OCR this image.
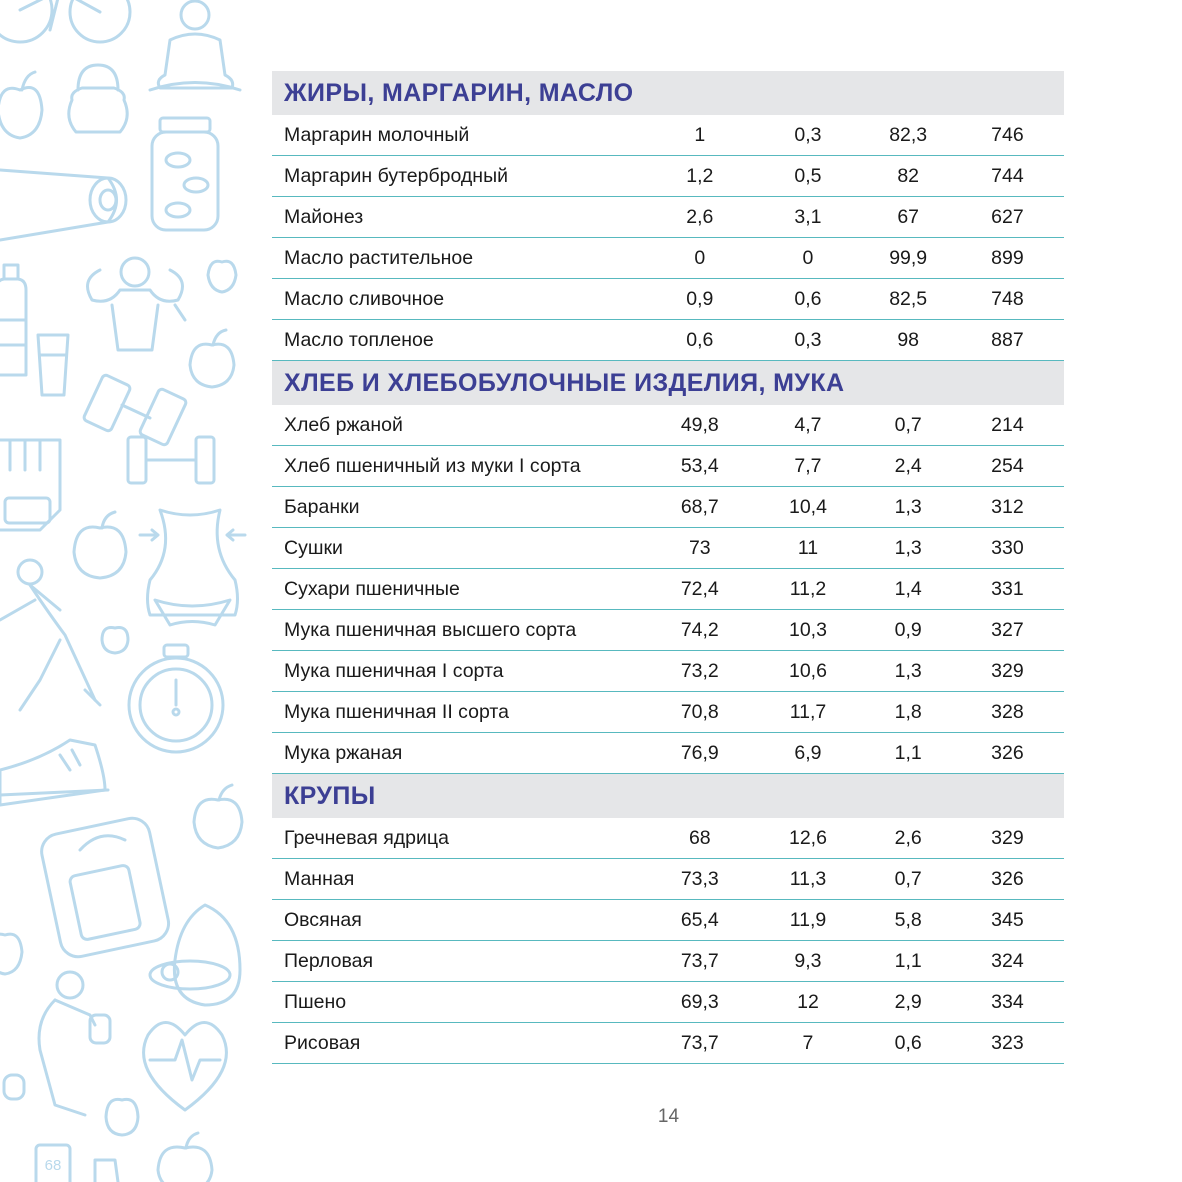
68
ЖИРЫ, МАРГАРИН, МАСЛО
Маргарин молочный	1	0,3	82,3	746
Маргарин бутербродный	1,2	0,5	82	744
Майонез	2,6	3,1	67	627
Масло растительное	0	0	99,9	899
Масло сливочное	0,9	0,6	82,5	748
Масло топленое	0,6	0,3	98	887
ХЛЕБ И ХЛЕБОБУЛОЧНЫЕ ИЗДЕЛИЯ, МУКА
Хлеб ржаной	49,8	4,7	0,7	214
Хлеб пшеничный из муки I сорта	53,4	7,7	2,4	254
Баранки	68,7	10,4	1,3	312
Сушки	73	11	1,3	330
Сухари пшеничные	72,4	11,2	1,4	331
Мука пшеничная высшего сорта	74,2	10,3	0,9	327
Мука пшеничная I сорта	73,2	10,6	1,3	329
Мука пшеничная II сорта	70,8	11,7	1,8	328
Мука ржаная	76,9	6,9	1,1	326
КРУПЫ
Гречневая ядрица	68	12,6	2,6	329
Манная	73,3	11,3	0,7	326
Овсяная	65,4	11,9	5,8	345
Перловая	73,7	9,3	1,1	324
Пшено	69,3	12	2,9	334
Рисовая	73,7	7	0,6	323
14
